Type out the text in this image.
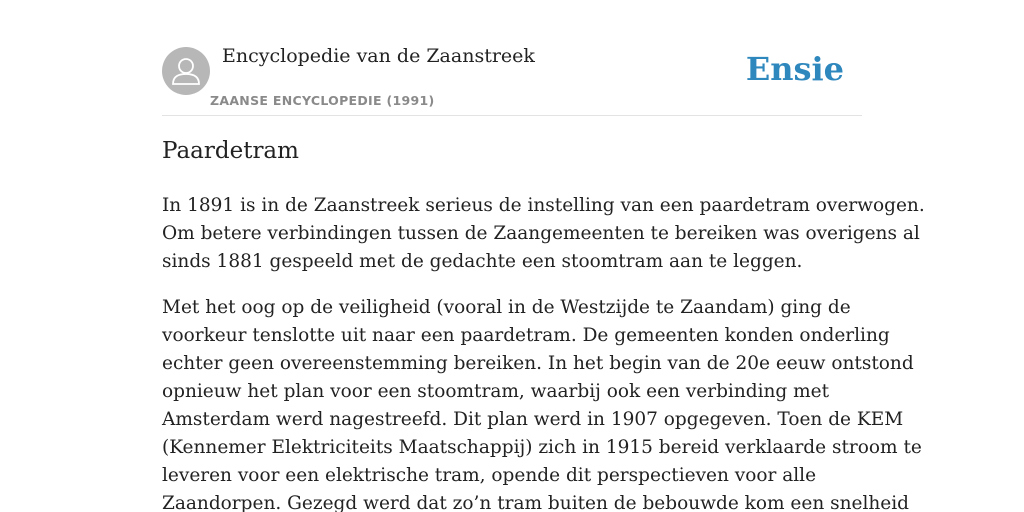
Encyclopedie van de Zaanstreek
ZAANSE ENCYCLOPEDIE (1991)
Ensie
Paardetram

In 1891 is in de Zaanstreek serieus de instelling van een paardetram overwogen.
Om betere verbindingen tussen de Zaangemeenten te bereiken was overigens al
sinds 1881 gespeeld met de gedachte een stoomtram aan te leggen.

Met het oog op de veiligheid (vooral in de Westzijde te Zaandam) ging de
voorkeur tenslotte uit naar een paardetram. De gemeenten konden onderling
echter geen overeenstemming bereiken. In het begin van de 20e eeuw ontstond
opnieuw het plan voor een stoomtram, waarbij ook een verbinding met
Amsterdam werd nagestreefd. Dit plan werd in 1907 opgegeven. Toen de KEM
(Kennemer Elektriciteits Maatschappij) zich in 1915 bereid verklaarde stroom te
leveren voor een elektrische tram, opende dit perspectieven voor alle
Zaandorpen. Gezegd werd dat zo’n tram buiten de bebouwde kom een snelheid
